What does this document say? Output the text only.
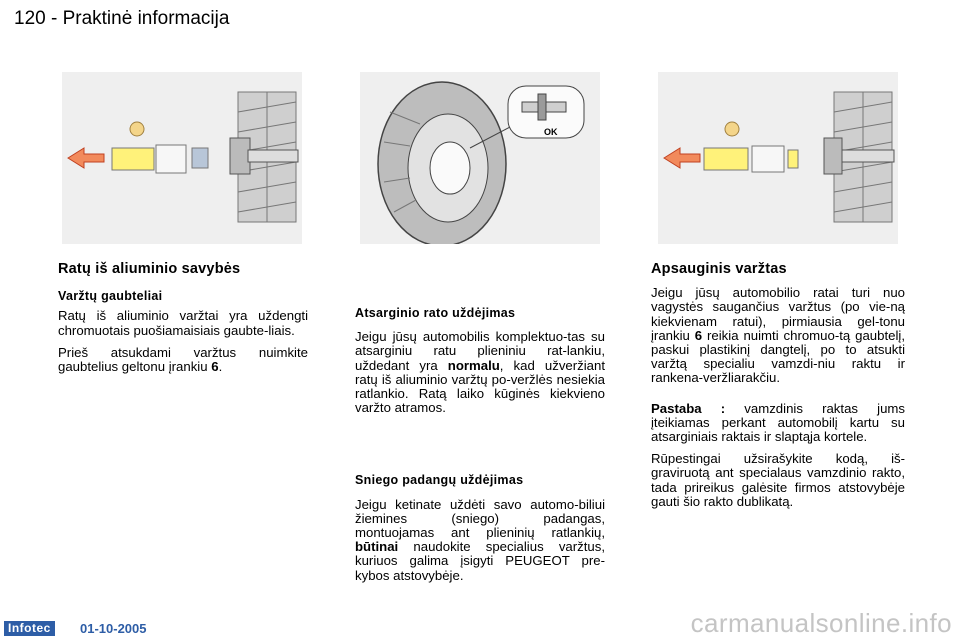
120 - Praktinė informacija
OK
Ratų iš aliuminio savybės
Varžtų gaubteliai

Ratų iš aliuminio varžtai yra uždengti chromuotais puošiamaisiais gaubte-liais.

Prieš atsukdami varžtus nuimkite gaubtelius geltonu įrankiu 6.

Atsarginio rato uždėjimas

Jeigu jūsų automobilis komplektuo-tas su atsarginiu ratu plieniniu rat-lankiu, uždedant yra normalu, kad užveržiant ratų iš aliuminio varžtų po-veržlės nesiekia ratlankio. Ratą laiko kūginės kiekvieno varžto atramos.

Sniego padangų uždėjimas

Jeigu ketinate uždėti savo automo-biliui žiemines (sniego) padangas, montuojamas ant plieninių ratlankių, būtinai naudokite specialius varžtus, kuriuos galima įsigyti PEUGEOT pre-kybos atstovybėje.

Apsauginis varžtas

Jeigu jūsų automobilio ratai turi nuo vagystės saugančius varžtus (po vie-ną kiekvienam ratui), pirmiausia gel-tonu įrankiu 6 reikia nuimti chromuo-tą gaubtelį, paskui plastikinį dangtelį, po to atsukti varžtą specialiu vamzdi-niu raktu ir rankena-veržliarakčiu.

Pastaba : vamzdinis raktas jums įteikiamas perkant automobilį kartu su atsarginiais raktais ir slaptąja kortele.

Rūpestingai užsirašykite kodą, iš-graviruotą ant specialaus vamzdinio rakto, tada prireikus galėsite firmos atstovybėje gauti šio rakto dublikatą.

Infotec	01-10-2005	carmanualsonline.info
